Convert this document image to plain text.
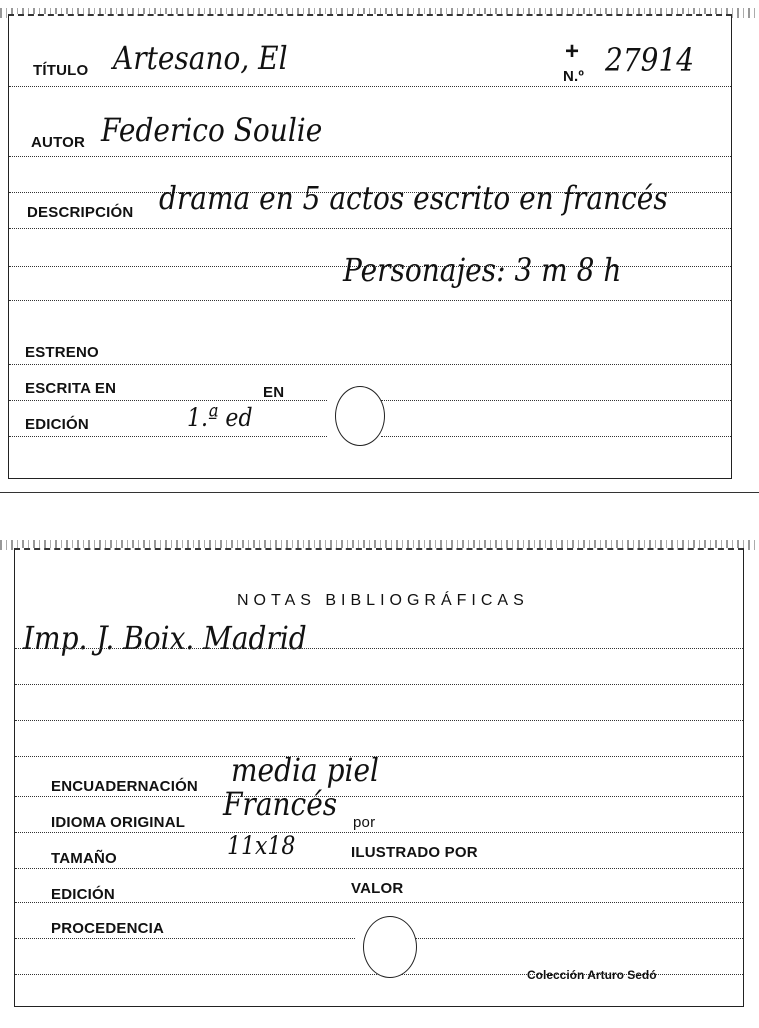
TÍTULO Artesano, El	+
N.º 27914
AUTOR Federico Soulie
DESCRIPCIÓN drama en 5 actos escrito en francés
Personajes: 3 m 8 h
ESTRENO
ESCRITA EN	EN
EDICIÓN	1.ª ed
NOTAS BIBLIOGRÁFICAS
Imp. J. Boix. Madrid
ENCUADERNACIÓN media piel
IDIOMA ORIGINAL Francés por
TAMAÑO	11x18	ILUSTRADO POR
EDICIÓN	VALOR
PROCEDENCIA
Colección Arturo Sedó
